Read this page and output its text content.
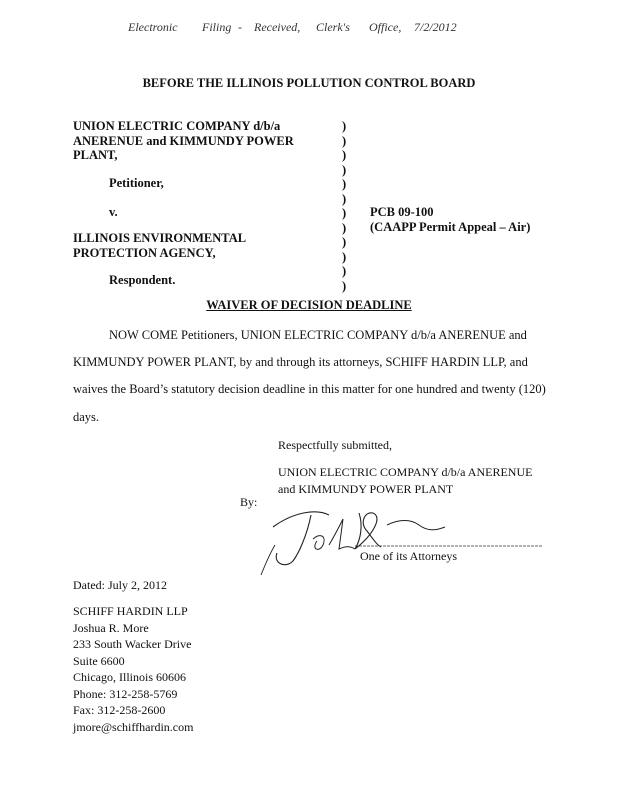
Electronic Filing - Received, Clerk's Office, 7/2/2012
BEFORE THE ILLINOIS POLLUTION CONTROL BOARD
UNION ELECTRIC COMPANY d/b/a
ANERENUE and KIMMUNDY POWER
PLANT,
Petitioner,
v.
ILLINOIS ENVIRONMENTAL
PROTECTION AGENCY,
Respondent.
)
)
)
)
)
)
)
)
)
)
)
)
PCB 09-100
(CAAPP Permit Appeal – Air)
WAIVER OF DECISION DEADLINE
NOW COME Petitioners, UNION ELECTRIC COMPANY d/b/a ANERENUE and
KIMMUNDY POWER PLANT, by and through its attorneys, SCHIFF HARDIN LLP, and
waives the Board’s statutory decision deadline in this matter for one hundred and twenty (120)
days.
Respectfully submitted,
UNION ELECTRIC COMPANY d/b/a ANERENUE
and KIMMUNDY POWER PLANT
By:
One of its Attorneys
Dated: July 2, 2012
SCHIFF HARDIN LLP
Joshua R. More
233 South Wacker Drive
Suite 6600
Chicago, Illinois 60606
Phone: 312-258-5769
Fax: 312-258-2600
jmore@schiffhardin.com
